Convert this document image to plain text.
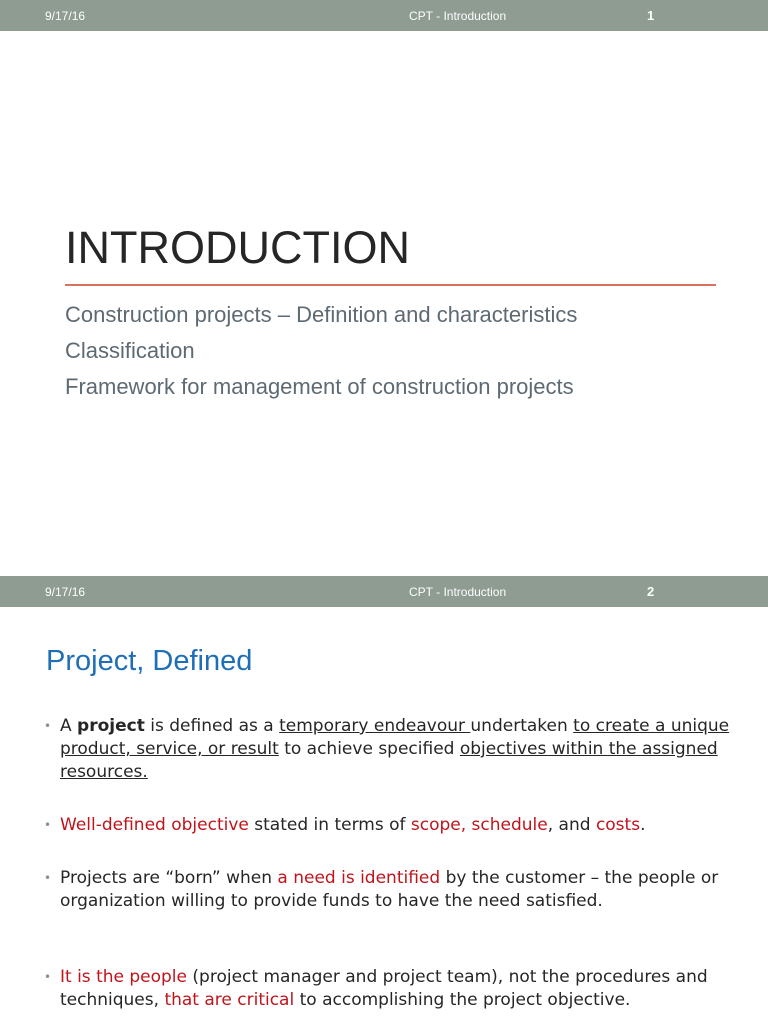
9/17/16	CPT - Introduction	1
INTRODUCTION
Construction projects – Definition and characteristics
Classification
Framework for management of construction projects
9/17/16	CPT - Introduction	2
Project, Defined
• A project is defined as a temporary endeavour undertaken to create a unique product, service, or result to achieve specified objectives within the assigned resources.
• Well-defined objective stated in terms of scope, schedule, and costs.
• Projects are “born” when a need is identified by the customer – the people or organization willing to provide funds to have the need satisfied.
• It is the people (project manager and project team), not the procedures and techniques, that are critical to accomplishing the project objective.
